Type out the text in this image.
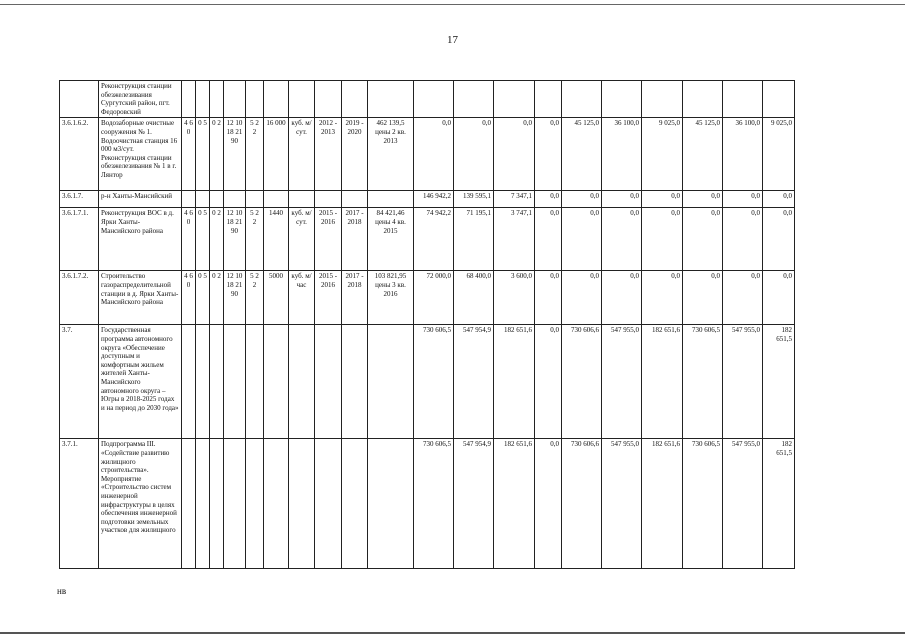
17
	Реконструкция станции обезжелезивания Сургутский район, пгт. Федоровский																				
3.6.1.6.2.	Водозаборные очистные сооружения № 1. Водоочистная станция 16 000 м3/сут. Реконструкция станции обезжелезивания № 1 в г. Лянтор	4 6 0	0 5	0 2	12 10 18 21 90	5 2 2	16 000	куб. м/ сут.	2012 - 2013	2019 - 2020	462 139,5 цены 2 кв. 2013	0,0	0,0	0,0	0,0	45 125,0	36 100,0	9 025,0	45 125,0	36 100,0	9 025,0
3.6.1.7.	р-н Ханты-Мансийский											146 942,2	139 595,1	7 347,1	0,0	0,0	0,0	0,0	0,0	0,0	0,0
3.6.1.7.1.	Реконструкция ВОС в д. Ярки Ханты-Мансийского района	4 6 0	0 5	0 2	12 10 18 21 90	5 2 2	1440	куб. м/ сут.	2015 - 2016	2017 - 2018	84 421,46 цены 4 кв. 2015	74 942,2	71 195,1	3 747,1	0,0	0,0	0,0	0,0	0,0	0,0	0,0
3.6.1.7.2.	Строительство газораспределительной станции в д. Ярки Ханты-Мансийского района	4 6 0	0 5	0 2	12 10 18 21 90	5 2 2	5000	куб. м/ час	2015 - 2016	2017 - 2018	103 821,95 цены 3 кв. 2016	72 000,0	68 400,0	3 600,0	0,0	0,0	0,0	0,0	0,0	0,0	0,0
3.7.	Государственная программа автономного округа «Обеспечение доступным и комфортным жильем жителей Ханты-Мансийского автономного округа – Югры в 2018-2025 годах и на период до 2030 года»											730 606,5	547 954,9	182 651,6	0,0	730 606,6	547 955,0	182 651,6	730 606,5	547 955,0	182 651,5
3.7.1.	Подпрограмма III. «Содействие развитию жилищного строительства». Мероприятие «Строительство систем инженерной инфраструктуры в целях обеспечения инженерной подготовки земельных участков для жилищного											730 606,5	547 954,9	182 651,6	0,0	730 606,6	547 955,0	182 651,6	730 606,5	547 955,0	182 651,5
нв
